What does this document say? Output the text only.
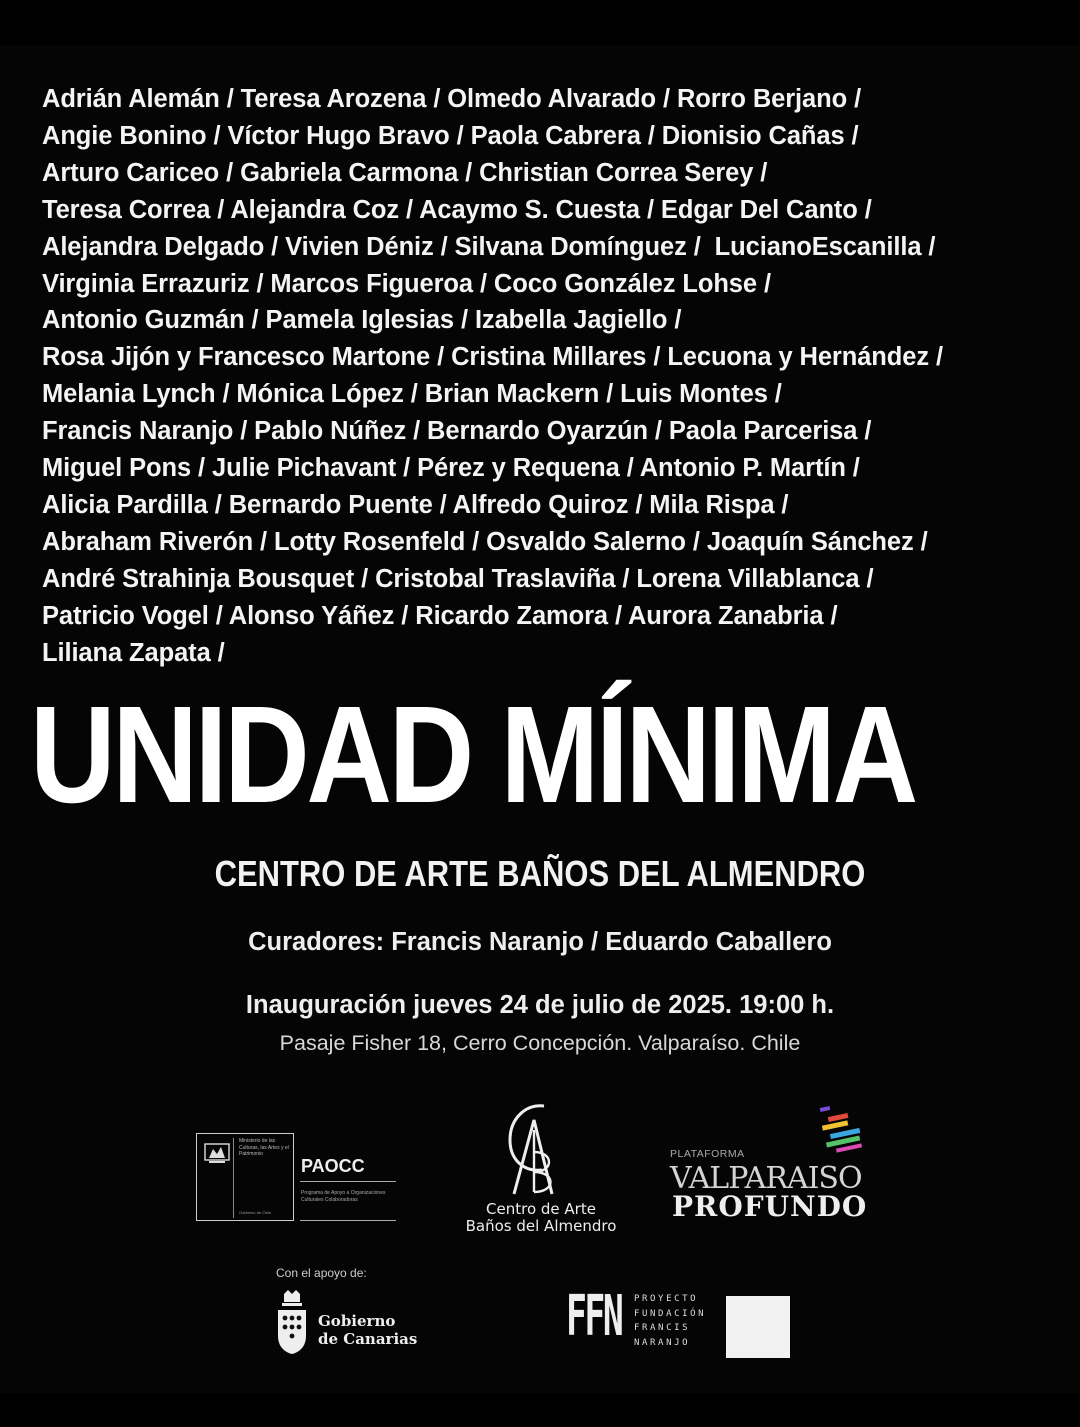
Adrián Alemán / Teresa Arozena / Olmedo Alvarado / Rorro Berjano /
Angie Bonino / Víctor Hugo Bravo / Paola Cabrera / Dionisio Cañas /
Arturo Cariceo / Gabriela Carmona / Christian Correa Serey /
Teresa Correa / Alejandra Coz / Acaymo S. Cuesta / Edgar Del Canto /
Alejandra Delgado / Vivien Déniz / Silvana Domínguez /  LucianoEscanilla /
Virginia Errazuriz / Marcos Figueroa / Coco González Lohse /
Antonio Guzmán / Pamela Iglesias / Izabella Jagiello /
Rosa Jijón y Francesco Martone / Cristina Millares / Lecuona y Hernández /
Melania Lynch / Mónica López / Brian Mackern / Luis Montes /
Francis Naranjo / Pablo Núñez / Bernardo Oyarzún / Paola Parcerisa /
Miguel Pons / Julie Pichavant / Pérez y Requena / Antonio P. Martín /
Alicia Pardilla / Bernardo Puente / Alfredo Quiroz / Mila Rispa /
Abraham Riverón / Lotty Rosenfeld / Osvaldo Salerno / Joaquín Sánchez /
André Strahinja Bousquet / Cristobal Traslaviña / Lorena Villablanca /
Patricio Vogel / Alonso Yáñez / Ricardo Zamora / Aurora Zanabria /
Liliana Zapata /
UNIDAD MÍNIMA
CENTRO DE ARTE BAÑOS DEL ALMENDRO
Curadores: Francis Naranjo / Eduardo Caballero
Inauguración jueves 24 de julio de 2025. 19:00 h.
Pasaje Fisher 18, Cerro Concepción. Valparaíso. Chile
Ministerio de las Culturas, las Artes y el Patrimonio
Gobierno de Chile
PAOCC
Programa de Apoyo a Organizaciones Culturales Colaboradoras
Centro de Arte
Baños del Almendro
PLATAFORMA
VALPARAISO
PROFUNDO
Con el apoyo de:
Gobierno
de Canarias	FFN PROYECTO
FUNDACIÓN
FRANCIS
NARANJO
